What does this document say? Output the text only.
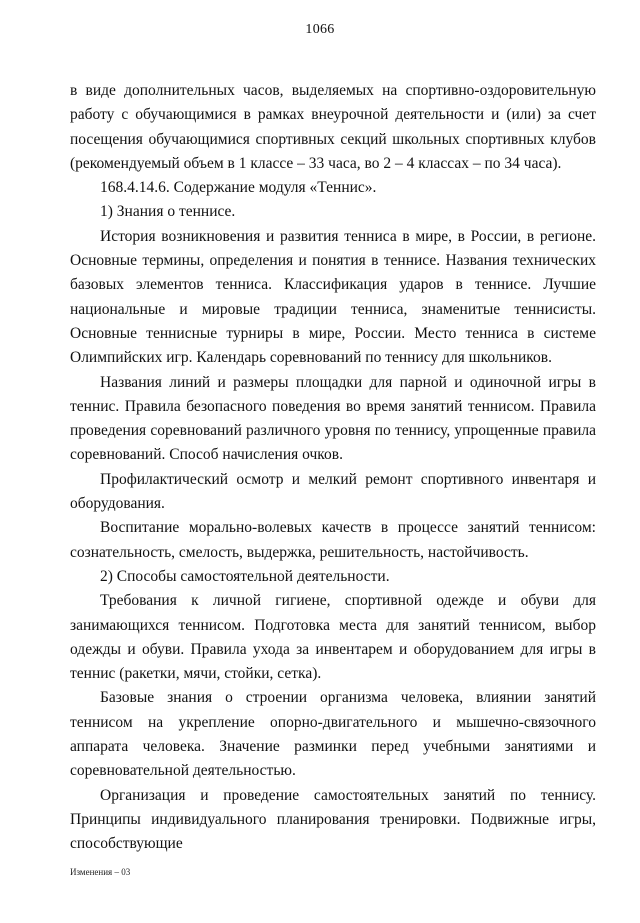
1066

в виде дополнительных часов, выделяемых на спортивно-оздоровительную работу с обучающимися в рамках внеурочной деятельности и (или) за счет посещения обучающимися спортивных секций школьных спортивных клубов (рекомендуемый объем в 1 классе – 33 часа, во 2 – 4 классах – по 34 часа).

168.4.14.6. Содержание модуля «Теннис».

1) Знания о теннисе.

История возникновения и развития тенниса в мире, в России, в регионе. Основные термины, определения и понятия в теннисе. Названия технических базовых элементов тенниса. Классификация ударов в теннисе. Лучшие национальные и мировые традиции тенниса, знаменитые теннисисты. Основные теннисные турниры в мире, России. Место тенниса в системе Олимпийских игр. Календарь соревнований по теннису для школьников.

Названия линий и размеры площадки для парной и одиночной игры в теннис. Правила безопасного поведения во время занятий теннисом. Правила проведения соревнований различного уровня по теннису, упрощенные правила соревнований. Способ начисления очков.

Профилактический осмотр и мелкий ремонт спортивного инвентаря и оборудования.

Воспитание морально-волевых качеств в процессе занятий теннисом: сознательность, смелость, выдержка, решительность, настойчивость.

2) Способы самостоятельной деятельности.

Требования к личной гигиене, спортивной одежде и обуви для занимающихся теннисом. Подготовка места для занятий теннисом, выбор одежды и обуви. Правила ухода за инвентарем и оборудованием для игры в теннис (ракетки, мячи, стойки, сетка).

Базовые знания о строении организма человека, влиянии занятий теннисом на укрепление опорно-двигательного и мышечно-связочного аппарата человека. Значение разминки перед учебными занятиями и соревновательной деятельностью.

Организация и проведение самостоятельных занятий по теннису. Принципы индивидуального планирования тренировки. Подвижные игры, способствующие

Изменения – 03
